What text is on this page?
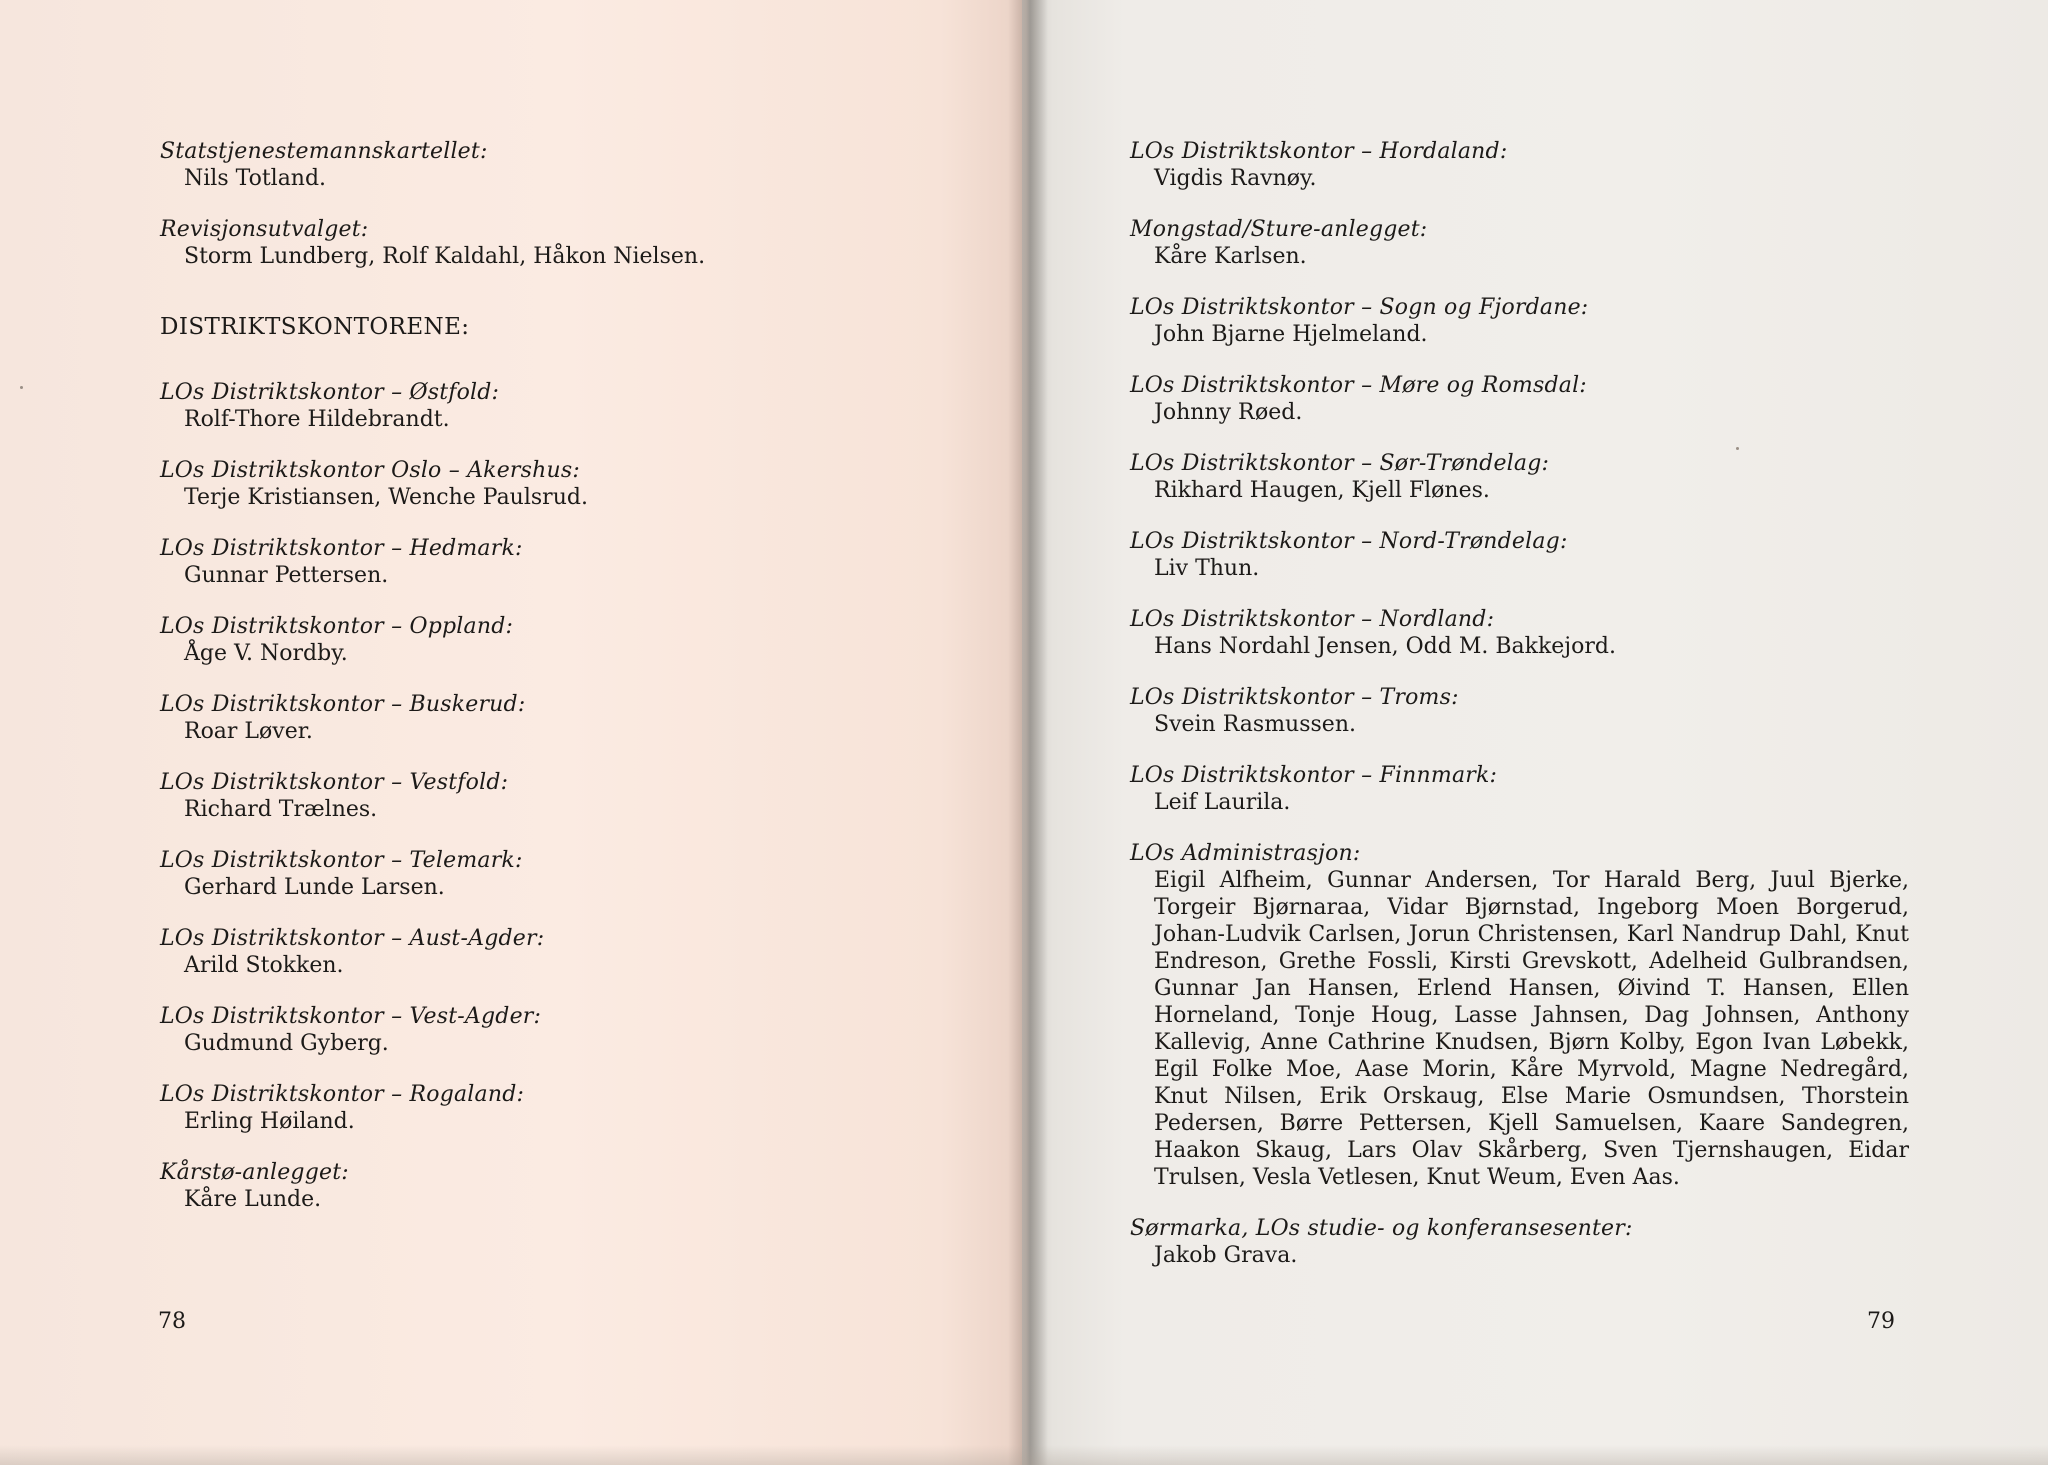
Statstjenestemannskartellet:
Nils Totland.
Revisjonsutvalget:
Storm Lundberg, Rolf Kaldahl, Håkon Nielsen.
DISTRIKTSKONTORENE:
LOs Distriktskontor – Østfold:
Rolf-Thore Hildebrandt.
LOs Distriktskontor Oslo – Akershus:
Terje Kristiansen, Wenche Paulsrud.
LOs Distriktskontor – Hedmark:
Gunnar Pettersen.
LOs Distriktskontor – Oppland:
Åge V. Nordby.
LOs Distriktskontor – Buskerud:
Roar Løver.
LOs Distriktskontor – Vestfold:
Richard Trælnes.
LOs Distriktskontor – Telemark:
Gerhard Lunde Larsen.
LOs Distriktskontor – Aust-Agder:
Arild Stokken.
LOs Distriktskontor – Vest-Agder:
Gudmund Gyberg.
LOs Distriktskontor – Rogaland:
Erling Høiland.
Kårstø-anlegget:
Kåre Lunde.
78
LOs Distriktskontor – Hordaland:
Vigdis Ravnøy.
Mongstad/Sture-anlegget:
Kåre Karlsen.
LOs Distriktskontor – Sogn og Fjordane:
John Bjarne Hjelmeland.
LOs Distriktskontor – Møre og Romsdal:
Johnny Røed.
LOs Distriktskontor – Sør-Trøndelag:
Rikhard Haugen, Kjell Flønes.
LOs Distriktskontor – Nord-Trøndelag:
Liv Thun.
LOs Distriktskontor – Nordland:
Hans Nordahl Jensen, Odd M. Bakkejord.
LOs Distriktskontor – Troms:
Svein Rasmussen.
LOs Distriktskontor – Finnmark:
Leif Laurila.
LOs Administrasjon:
Eigil Alfheim, Gunnar Andersen, Tor Harald Berg, Juul Bjerke, Torgeir Bjørnaraa, Vidar Bjørnstad, Ingeborg Moen Borgerud, Johan-Ludvik Carlsen, Jorun Christensen, Karl Nandrup Dahl, Knut Endreson, Grethe Fossli, Kirsti Grevskott, Adelheid Gulbrandsen, Gunnar Jan Hansen, Erlend Hansen, Øivind T. Hansen, Ellen Horneland, Tonje Houg, Lasse Jahnsen, Dag Johnsen, Anthony Kallevig, Anne Cathrine Knudsen, Bjørn Kolby, Egon Ivan Løbekk, Egil Folke Moe, Aase Morin, Kåre Myrvold, Magne Nedregård, Knut Nilsen, Erik Orskaug, Else Marie Osmundsen, Thorstein Pedersen, Børre Pettersen, Kjell Samuelsen, Kaare Sandegren, Haakon Skaug, Lars Olav Skårberg, Sven Tjernshaugen, Eidar Trulsen, Vesla Vetlesen, Knut Weum, Even Aas.
Sørmarka, LOs studie- og konferansesenter:
Jakob Grava.
79
